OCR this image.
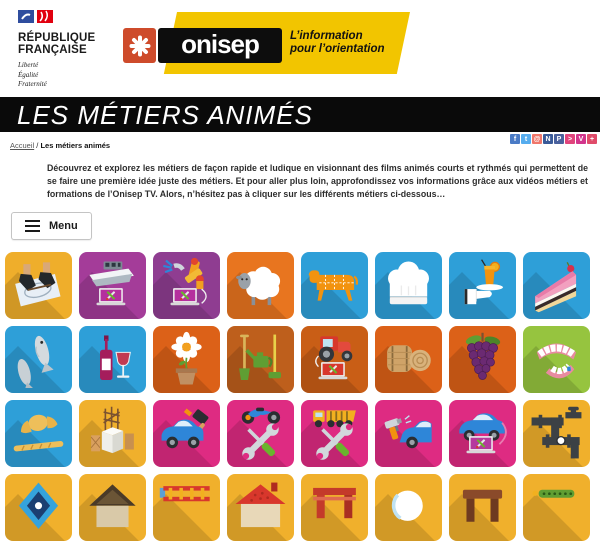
RÉPUBLIQUE
FRANÇAISE
Liberté
Égalité
Fraternité
onisep	L’information
pour l’orientation
LES MÉTIERS ANIMÉS
f	t @ N P > V +
Accueil / Les métiers animés

Découvrez et explorez les métiers de façon rapide et ludique en visionnant des films animés courts et rythmés qui permettent de se faire une première idée juste des métiers. Et pour aller plus loin, approfondissez vos informations grâce aux vidéos métiers et formations de l’Onisep TV. Alors, n’hésitez pas à cliquer sur les différents métiers ci-dessous…

Menu
